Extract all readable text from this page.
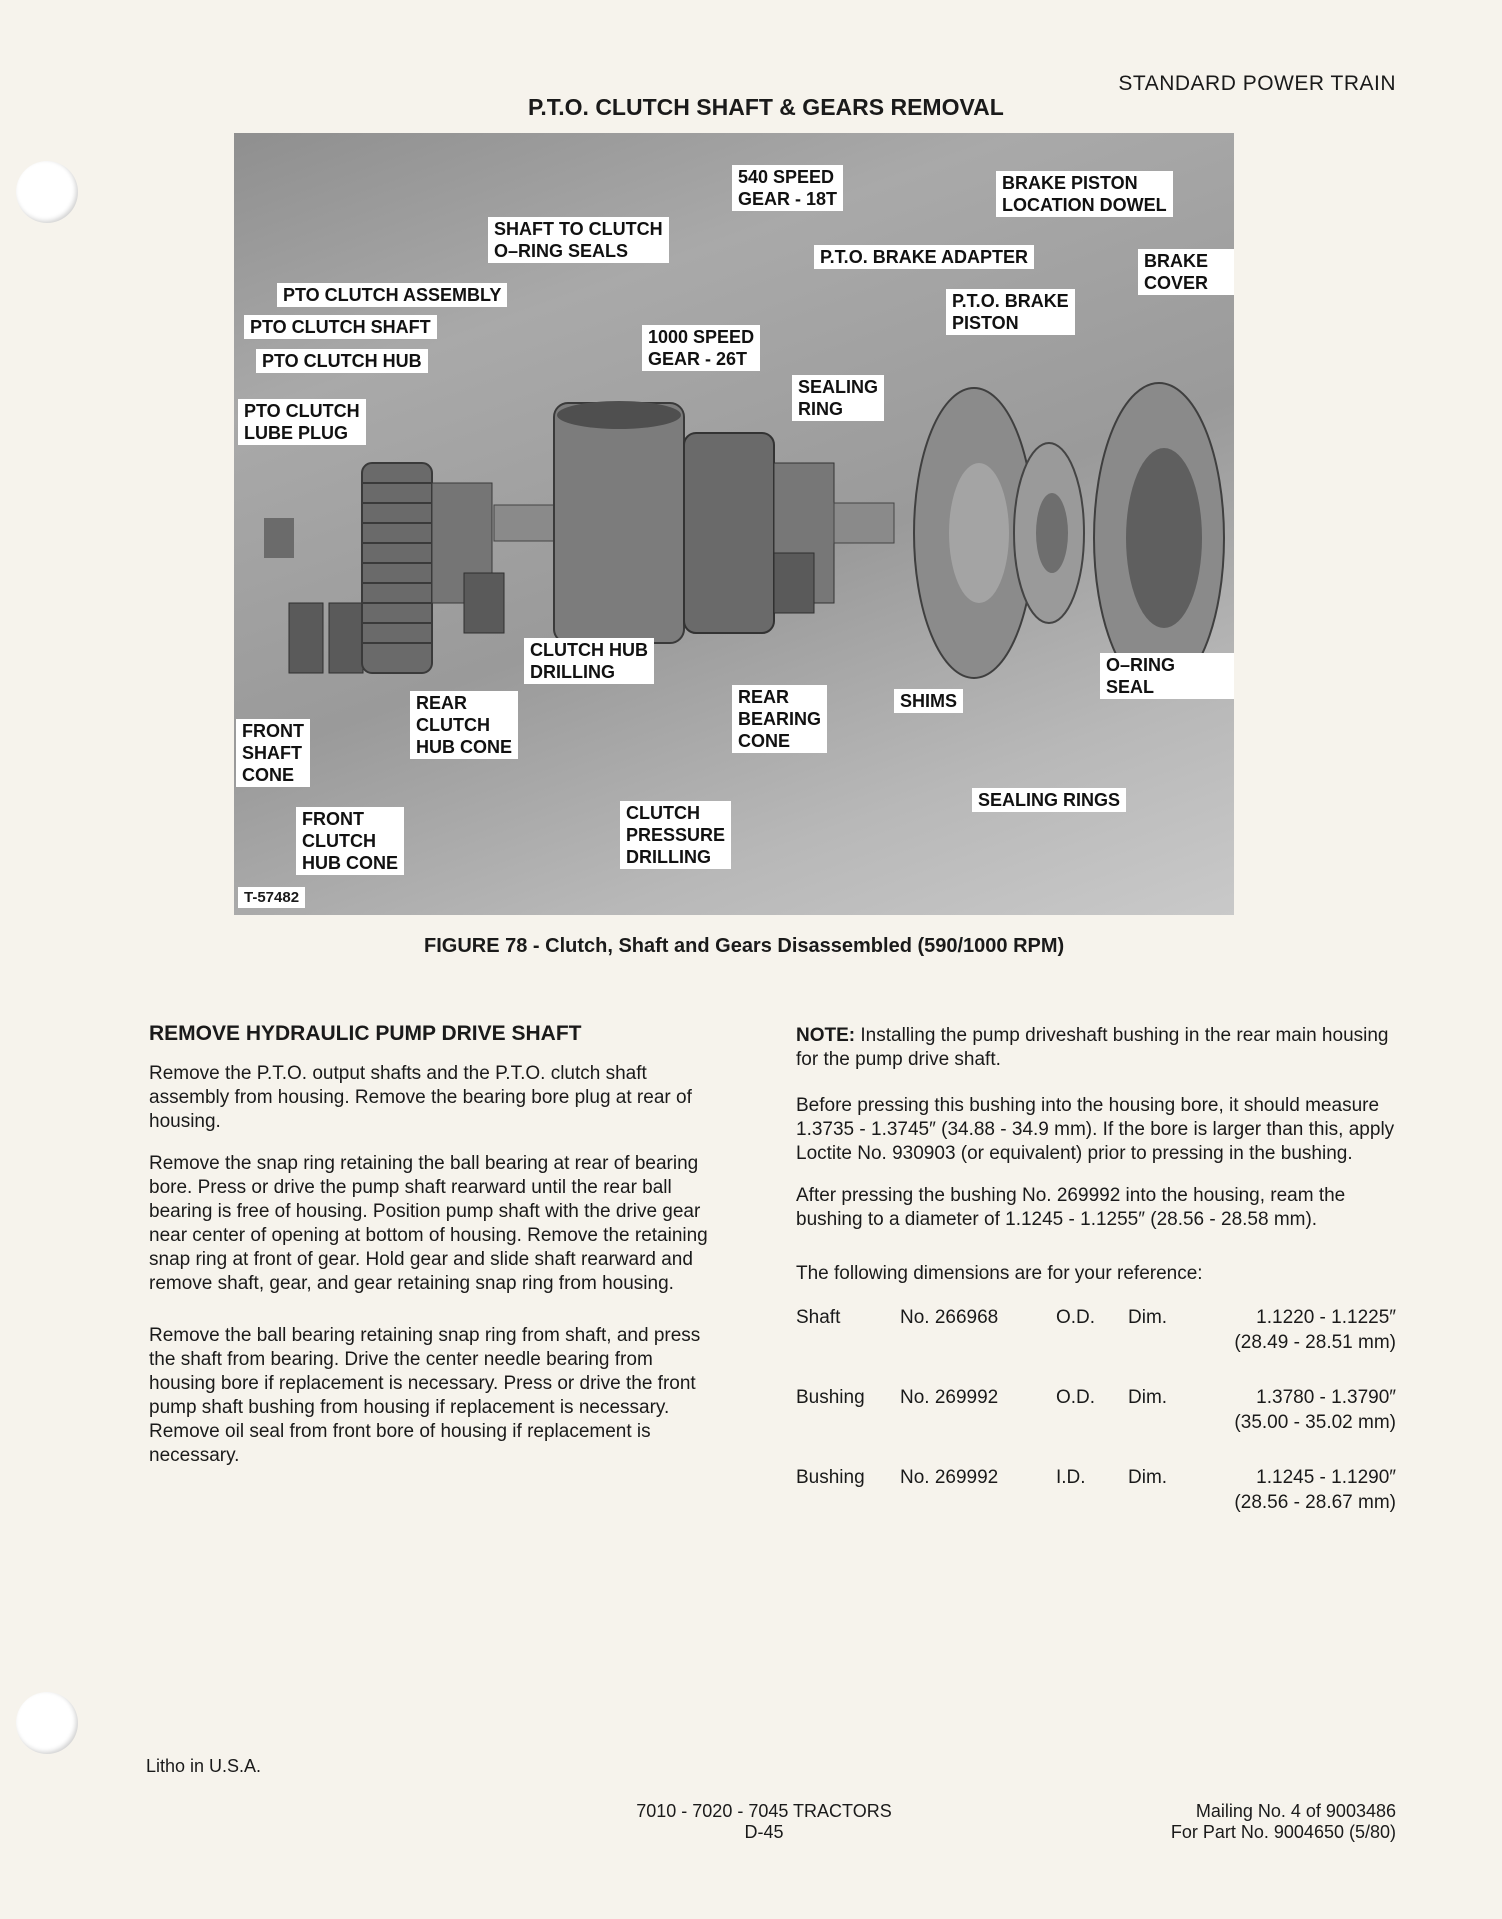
STANDARD POWER TRAIN
P.T.O. CLUTCH SHAFT & GEARS REMOVAL
540 SPEED
GEAR - 18T
BRAKE PISTON
LOCATION DOWEL
SHAFT TO CLUTCH
O–RING SEALS	P.T.O. BRAKE ADAPTER	BRAKE COVER
PTO CLUTCH ASSEMBLY	P.T.O. BRAKE
PISTON
PTO CLUTCH SHAFT	1000 SPEED
GEAR - 26T
PTO CLUTCH HUB
SEALING
RING
PTO CLUTCH
LUBE PLUG
CLUTCH HUB
DRILLING	O–RING SEAL
REAR
BEARING
CONE
SHIMS
REAR
CLUTCH
HUB CONE
FRONT
SHAFT
CONE
SEALING RINGS
FRONT
CLUTCH
HUB CONE
CLUTCH
PRESSURE
DRILLING
T-57482
FIGURE 78 - Clutch, Shaft and Gears Disassembled (590/1000 RPM)
REMOVE HYDRAULIC PUMP DRIVE SHAFT

Remove the P.T.O. output shafts and the P.T.O. clutch shaft assembly from housing. Remove the bearing bore plug at rear of housing.

Remove the snap ring retaining the ball bearing at rear of bearing bore. Press or drive the pump shaft rearward until the rear ball bearing is free of housing. Position pump shaft with the drive gear near center of opening at bottom of housing. Remove the retaining snap ring at front of gear. Hold gear and slide shaft rearward and remove shaft, gear, and gear retaining snap ring from housing.

Remove the ball bearing retaining snap ring from shaft, and press the shaft from bearing. Drive the center needle bearing from housing bore if replacement is necessary. Press or drive the front pump shaft bushing from housing if replacement is necessary. Remove oil seal from front bore of housing if replacement is necessary.

NOTE: Installing the pump driveshaft bushing in the rear main housing for the pump drive shaft.

Before pressing this bushing into the housing bore, it should measure 1.3735 - 1.3745″ (34.88 - 34.9 mm). If the bore is larger than this, apply Loctite No. 930903 (or equivalent) prior to pressing in the bushing.

After pressing the bushing No. 269992 into the housing, ream the bushing to a diameter of 1.1245 - 1.1255″ (28.56 - 28.58 mm).

The following dimensions are for your reference:

Shaft	No. 266968	O.D. Dim.	1.1220 - 1.1225″
(28.49 - 28.51 mm)
Bushing No. 269992	O.D. Dim.	1.3780 - 1.3790″
(35.00 - 35.02 mm)
Bushing No. 269992	I.D. Dim.	1.1245 - 1.1290″
(28.56 - 28.67 mm)
Litho in U.S.A.
7010 - 7020 - 7045 TRACTORS
D-45
Mailing No. 4 of 9003486
For Part No. 9004650 (5/80)
